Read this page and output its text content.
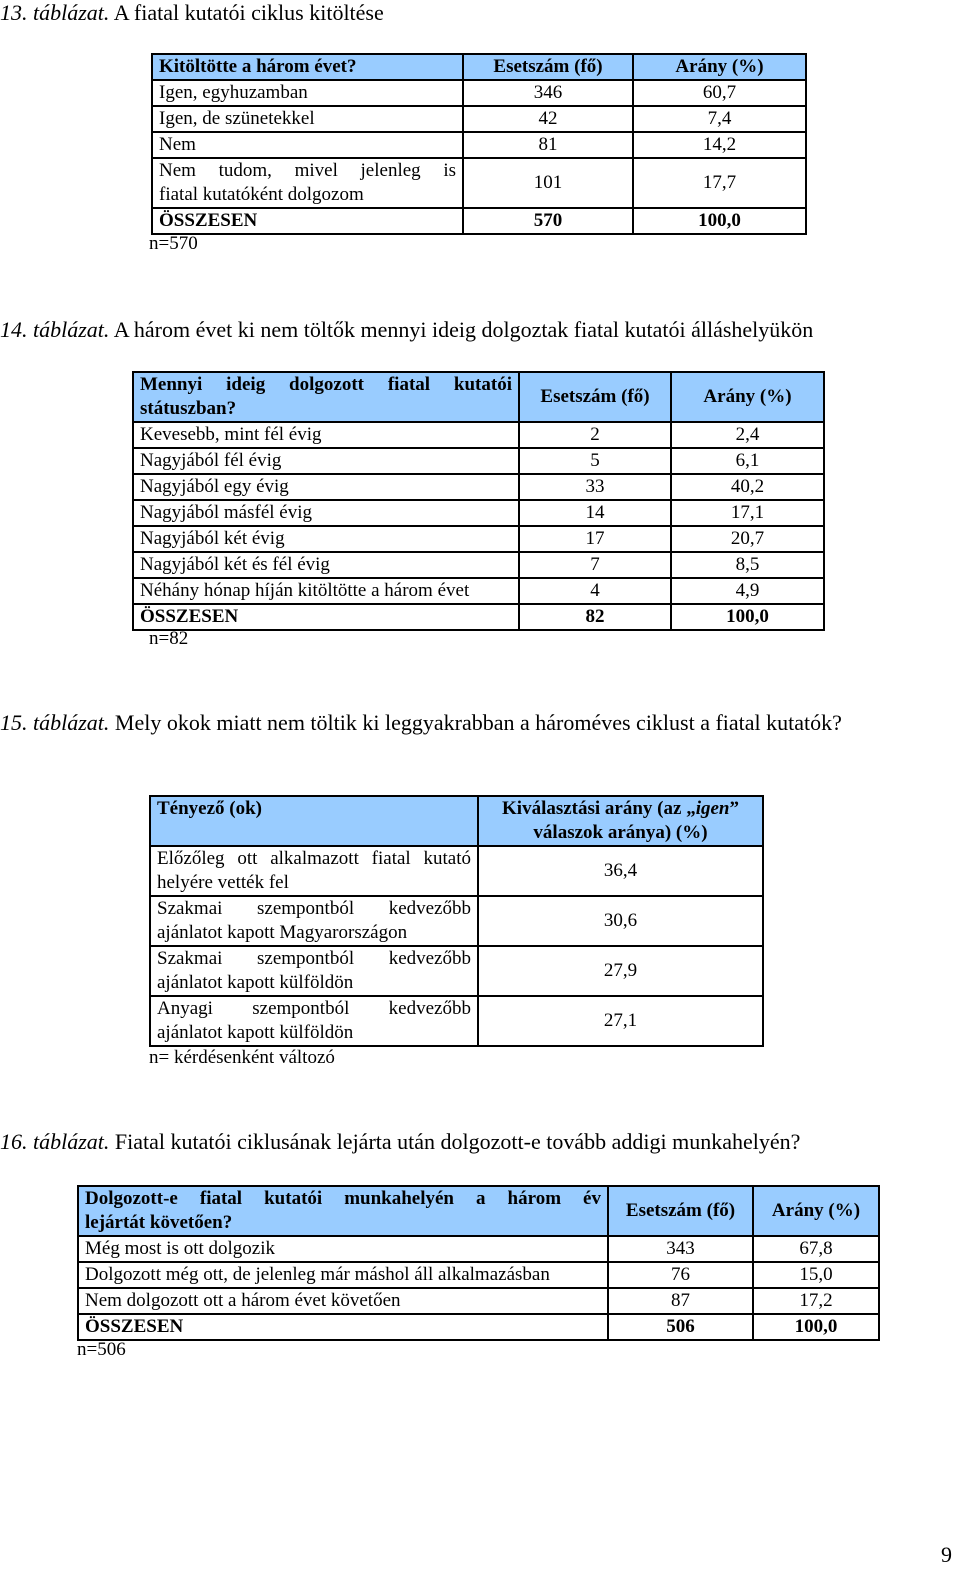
13. táblázat. A fiatal kutatói ciklus kitöltése
Kitöltötte a három évet?	Esetszám (fő)	Arány (%)
Igen, egyhuzamban	346	60,7
Igen, de szünetekkel	42	7,4
Nem	81	14,2

Nem tudom, mivel jelenleg is
fiatal kutatóként dolgozom	101	17,7
ÖSSZESEN	570	100,0
n=570
14. táblázat. A három évet ki nem töltők mennyi ideig dolgoztak fiatal kutatói álláshelyükön
Mennyi ideig dolgozott fiatal kutatói
státuszban?	Esetszám (fő)	Arány (%)
Kevesebb, mint fél évig	2	2,4
Nagyjából fél évig	5	6,1
Nagyjából egy évig	33	40,2
Nagyjából másfél évig	14	17,1
Nagyjából két évig	17	20,7
Nagyjából két és fél évig	7	8,5
Néhány hónap híján kitöltötte a három évet	4	4,9
ÖSSZESEN	82	100,0
n=82
15. táblázat. Mely okok miatt nem töltik ki leggyakrabban a hároméves ciklust a fiatal kutatók?
Tényező (ok)	Kiválasztási arány (az „igen”
válaszok aránya) (%)

Előzőleg ott alkalmazott fiatal kutató
helyére vették fel	36,4

Szakmai szempontból kedvezőbb
ajánlatot kapott Magyarországon	30,6

Szakmai szempontból kedvezőbb
ajánlatot kapott külföldön	27,9

Anyagi szempontból kedvezőbb
ajánlatot kapott külföldön	27,1
n= kérdésenként változó
16. táblázat. Fiatal kutatói ciklusának lejárta után dolgozott-e tovább addigi munkahelyén?
Dolgozott-e fiatal kutatói munkahelyén a három év
lejártát követően?	Esetszám (fő)	Arány (%)
Még most is ott dolgozik	343	67,8
Dolgozott még ott, de jelenleg már máshol áll alkalmazásban	76	15,0
Nem dolgozott ott a három évet követően	87	17,2
ÖSSZESEN	506	100,0
n=506
9
